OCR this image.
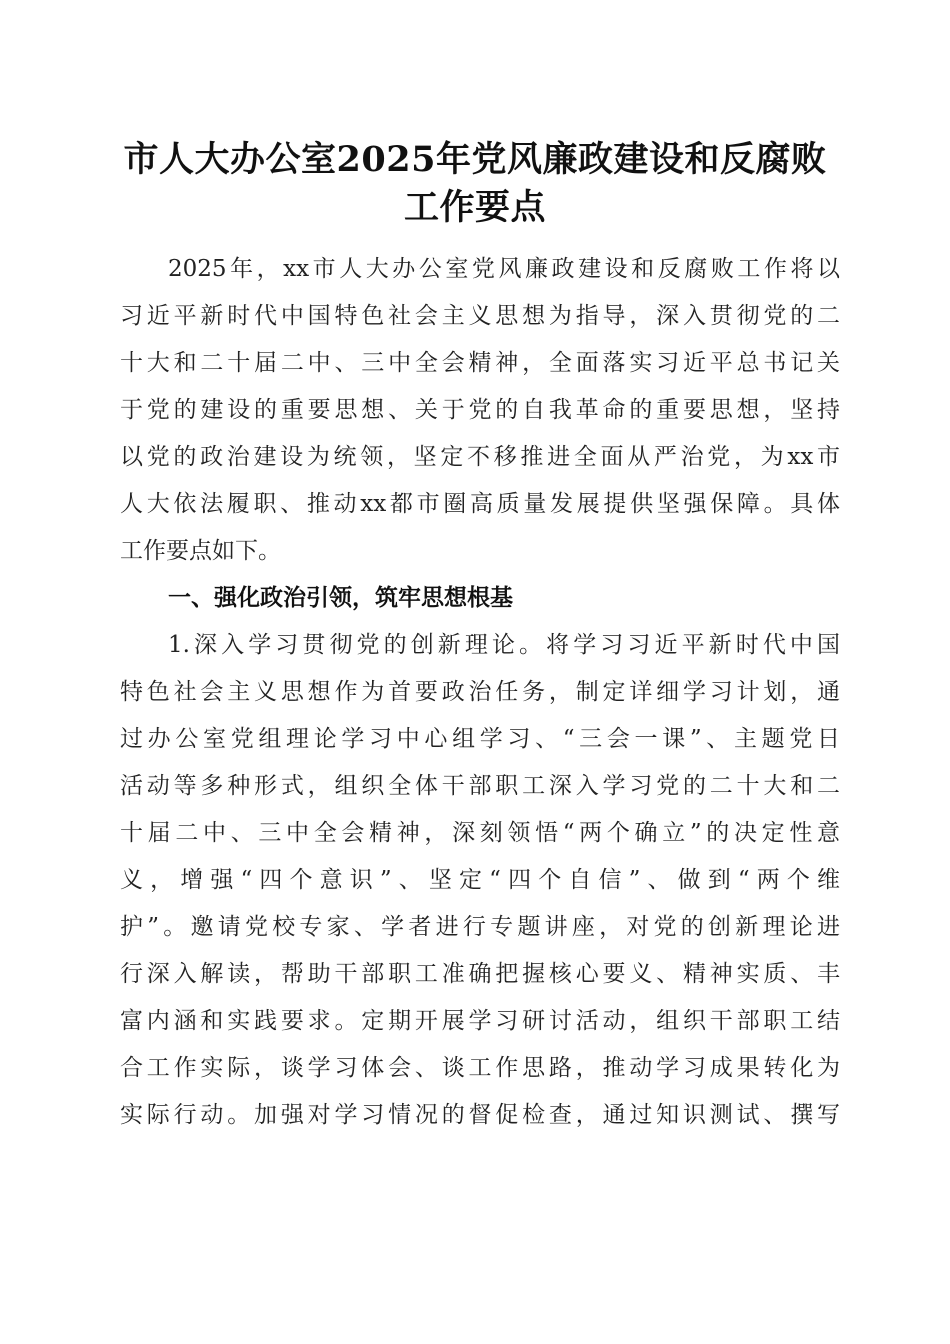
市人大办公室2025年党风廉政建设和反腐败
工作要点
2025年，xx市人大办公室党风廉政建设和反腐败工作将以
习近平新时代中国特色社会主义思想为指导，深入贯彻党的二
十大和二十届二中、三中全会精神，全面落实习近平总书记关
于党的建设的重要思想、关于党的自我革命的重要思想，坚持
以党的政治建设为统领，坚定不移推进全面从严治党，为xx市
人大依法履职、推动xx都市圈高质量发展提供坚强保障。具体
工作要点如下。
一、强化政治引领，筑牢思想根基
1.深入学习贯彻党的创新理论。将学习习近平新时代中国
特色社会主义思想作为首要政治任务，制定详细学习计划，通
过办公室党组理论学习中心组学习、“三会一课”、主题党日
活动等多种形式，组织全体干部职工深入学习党的二十大和二
十届二中、三中全会精神，深刻领悟“两个确立”的决定性意
义，增强“四个意识”、坚定“四个自信”、做到“两个维
护”。邀请党校专家、学者进行专题讲座，对党的创新理论进
行深入解读，帮助干部职工准确把握核心要义、精神实质、丰
富内涵和实践要求。定期开展学习研讨活动，组织干部职工结
合工作实际，谈学习体会、谈工作思路，推动学习成果转化为
实际行动。加强对学习情况的督促检查，通过知识测试、撰写
